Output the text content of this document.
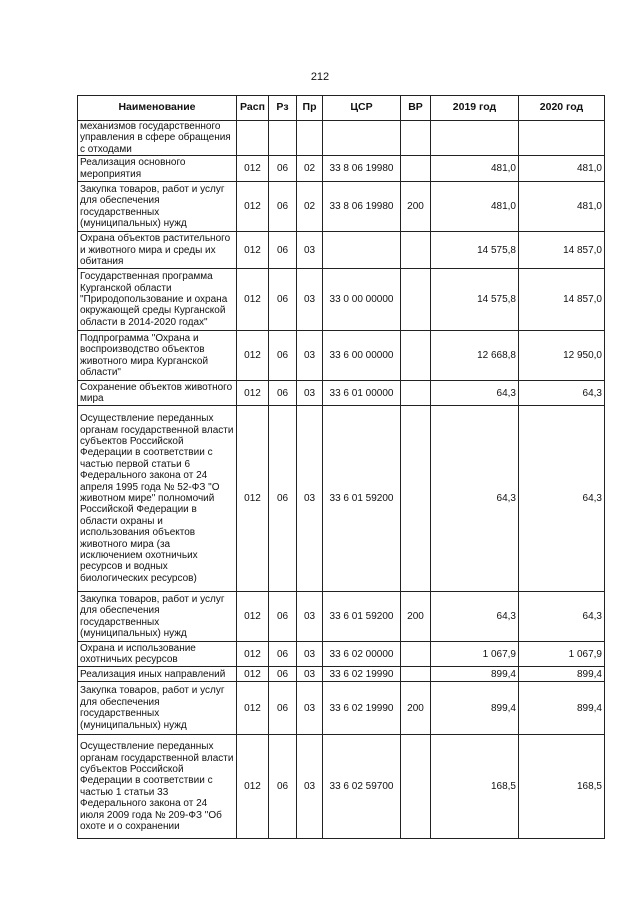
212
Наименование	Расп	Рз	Пр	ЦСР	ВР	2019 год	2020 год
механизмов государственного управления в сфере обращения с отходами							
Реализация основного мероприятия	012	06	02	33 8 06 19980		481,0	481,0
Закупка товаров, работ и услуг для обеспечения государственных (муниципальных) нужд	012	06	02	33 8 06 19980	200	481,0	481,0
Охрана объектов растительного и животного мира и среды их обитания	012	06	03			14 575,8	14 857,0
Государственная программа Курганской области "Природопользование и охрана окружающей среды Курганской области в 2014-2020 годах"	012	06	03	33 0 00 00000		14 575,8	14 857,0
Подпрограмма "Охрана и воспроизводство объектов животного мира Курганской области"	012	06	03	33 6 00 00000		12 668,8	12 950,0
Сохранение объектов животного мира	012	06	03	33 6 01 00000		64,3	64,3
Осуществление переданных органам государственной власти субъектов Российской Федерации в соответствии с частью первой статьи 6 Федерального закона от 24 апреля 1995 года № 52-ФЗ "О животном мире" полномочий Российской Федерации в области охраны и использования объектов животного мира (за исключением охотничьих ресурсов и водных биологических ресурсов)	012	06	03	33 6 01 59200		64,3	64,3
Закупка товаров, работ и услуг для обеспечения государственных (муниципальных) нужд	012	06	03	33 6 01 59200	200	64,3	64,3
Охрана и использование охотничьих ресурсов	012	06	03	33 6 02 00000		1 067,9	1 067,9
Реализация иных направлений	012	06	03	33 6 02 19990		899,4	899,4
Закупка товаров, работ и услуг для обеспечения государственных (муниципальных) нужд	012	06	03	33 6 02 19990	200	899,4	899,4
Осуществление переданных органам государственной власти субъектов Российской Федерации в соответствии с частью 1 статьи 33 Федерального закона от 24 июля 2009 года № 209-ФЗ "Об охоте и о сохранении	012	06	03	33 6 02 59700		168,5	168,5
